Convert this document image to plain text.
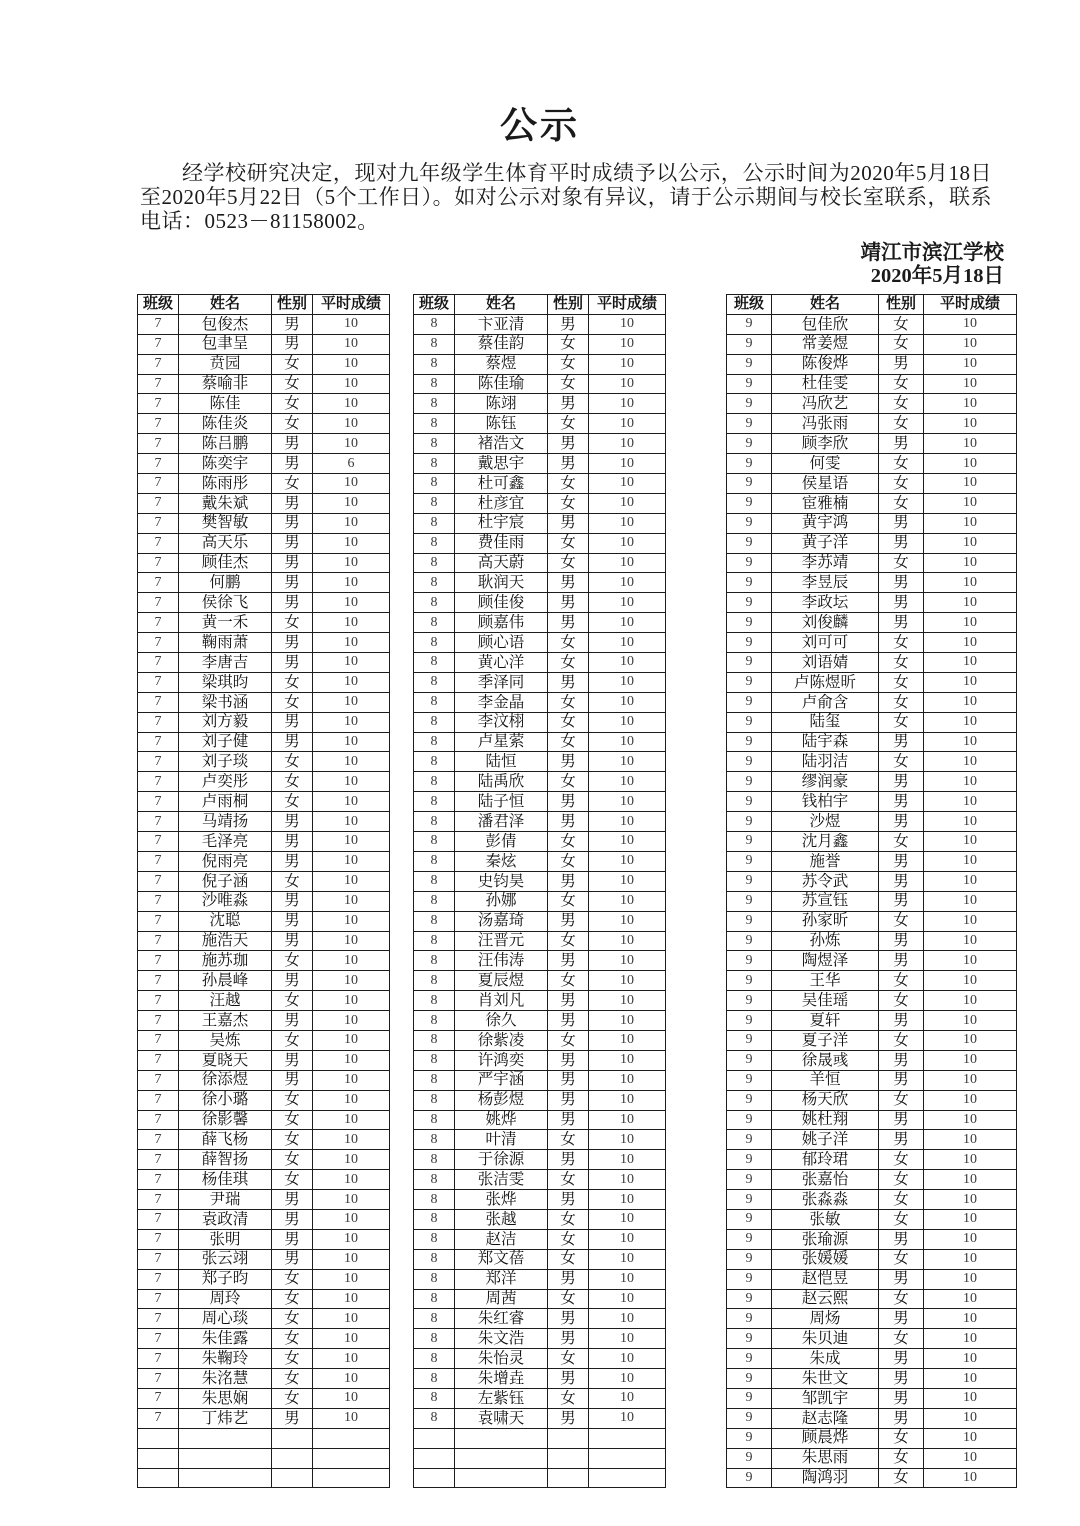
公示

经学校研究决定，现对九年级学生体育平时成绩予以公示，公示时间为2020年5月18日至2020年5月22日（5个工作日）。如对公示对象有异议，请于公示期间与校长室联系，联系电话：0523－81158002。

靖江市滨江学校
2020年5月18日
班级	姓名	性别	平时成绩
7	包俊杰	男	10
7	包聿呈	男	10
7	贲园	女	10
7	蔡喻非	女	10
7	陈佳	女	10
7	陈佳炎	女	10
7	陈吕鹏	男	10
7	陈奕宇	男	6
7	陈雨彤	女	10
7	戴朱斌	男	10
7	樊智敏	男	10
7	高天乐	男	10
7	顾佳杰	男	10
7	何鹏	男	10
7	侯徐飞	男	10
7	黄一禾	女	10
7	鞠雨萧	男	10
7	李唐吉	男	10
7	梁琪昀	女	10
7	梁书涵	女	10
7	刘方毅	男	10
7	刘子健	男	10
7	刘子琰	女	10
7	卢奕彤	女	10
7	卢雨桐	女	10
7	马靖扬	男	10
7	毛泽亮	男	10
7	倪雨亮	男	10
7	倪子涵	女	10
7	沙唯淼	男	10
7	沈聪	男	10
7	施浩天	男	10
7	施苏珈	女	10
7	孙晨峰	男	10
7	汪越	女	10
7	王嘉杰	男	10
7	吴炼	女	10
7	夏晓天	男	10
7	徐添煜	男	10
7	徐小璐	女	10
7	徐影馨	女	10
7	薛飞杨	女	10
7	薛智扬	女	10
7	杨佳琪	女	10
7	尹瑞	男	10
7	袁政清	男	10
7	张明	男	10
7	张云翊	男	10
7	郑子昀	女	10
7	周玲	女	10
7	周心琰	女	10
7	朱佳露	女	10
7	朱鞠玲	女	10
7	朱洺慧	女	10
7	朱思娴	女	10
7	丁炜艺	男	10

班级	姓名	性别	平时成绩
8	卞亚清	男	10
8	蔡佳韵	女	10
8	蔡煜	女	10
8	陈佳瑜	女	10
8	陈翊	男	10
8	陈钰	女	10
8	褚浩文	男	10
8	戴思宇	男	10
8	杜可鑫	女	10
8	杜彦宜	女	10
8	杜宇宸	男	10
8	费佳雨	女	10
8	高天蔚	女	10
8	耿润天	男	10
8	顾佳俊	男	10
8	顾嘉伟	男	10
8	顾心语	女	10
8	黄心洋	女	10
8	季泽同	男	10
8	李金晶	女	10
8	李汶栩	女	10
8	卢星萦	女	10
8	陆恒	男	10
8	陆禹欣	女	10
8	陆子恒	男	10
8	潘君泽	男	10
8	彭倩	女	10
8	秦炫	女	10
8	史钧昊	男	10
8	孙娜	女	10
8	汤嘉琦	男	10
8	汪晋元	女	10
8	汪伟涛	男	10
8	夏辰煜	女	10
8	肖刘凡	男	10
8	徐久	男	10
8	徐紫凌	女	10
8	许鸿奕	男	10
8	严宇涵	男	10
8	杨彭煜	男	10
8	姚烨	男	10
8	叶清	女	10
8	于徐源	男	10
8	张洁雯	女	10
8	张烨	男	10
8	张越	女	10
8	赵洁	女	10
8	郑文蓓	女	10
8	郑洋	男	10
8	周茜	女	10
8	朱红睿	男	10
8	朱文浩	男	10
8	朱怡灵	女	10
8	朱增垚	男	10
8	左紫钰	女	10
8	袁啸天	男	10

班级	姓名	性别	平时成绩
9	包佳欣	女	10
9	常姜煜	女	10
9	陈俊烨	男	10
9	杜佳雯	女	10
9	冯欣艺	女	10
9	冯张雨	女	10
9	顾李欣	男	10
9	何雯	女	10
9	侯星语	女	10
9	宦雅楠	女	10
9	黄宇鸿	男	10
9	黄子洋	男	10
9	李苏靖	女	10
9	李昱辰	男	10
9	李政坛	男	10
9	刘俊麟	男	10
9	刘可可	女	10
9	刘语婧	女	10
9	卢陈煜昕	女	10
9	卢俞含	女	10
9	陆玺	女	10
9	陆宇森	男	10
9	陆羽洁	女	10
9	缪润豪	男	10
9	钱柏宇	男	10
9	沙煜	男	10
9	沈月鑫	女	10
9	施誉	男	10
9	苏令武	男	10
9	苏宣钰	男	10
9	孙家昕	女	10
9	孙炼	男	10
9	陶煜泽	男	10
9	王华	女	10
9	吴佳瑶	女	10
9	夏轩	男	10
9	夏子洋	女	10
9	徐晟彧	男	10
9	羊恒	男	10
9	杨天欣	女	10
9	姚杜翔	男	10
9	姚子洋	男	10
9	郁玲珺	女	10
9	张嘉怡	女	10
9	张淼淼	女	10
9	张敏	女	10
9	张瑜源	男	10
9	张媛媛	女	10
9	赵恺昱	男	10
9	赵云熙	女	10
9	周炀	男	10
9	朱贝迪	女	10
9	朱成	男	10
9	朱世文	男	10
9	邹凯宇	男	10
9	赵志隆	男	10
9	顾晨烨	女	10
9	朱思雨	女	10
9	陶鸿羽	女	10
